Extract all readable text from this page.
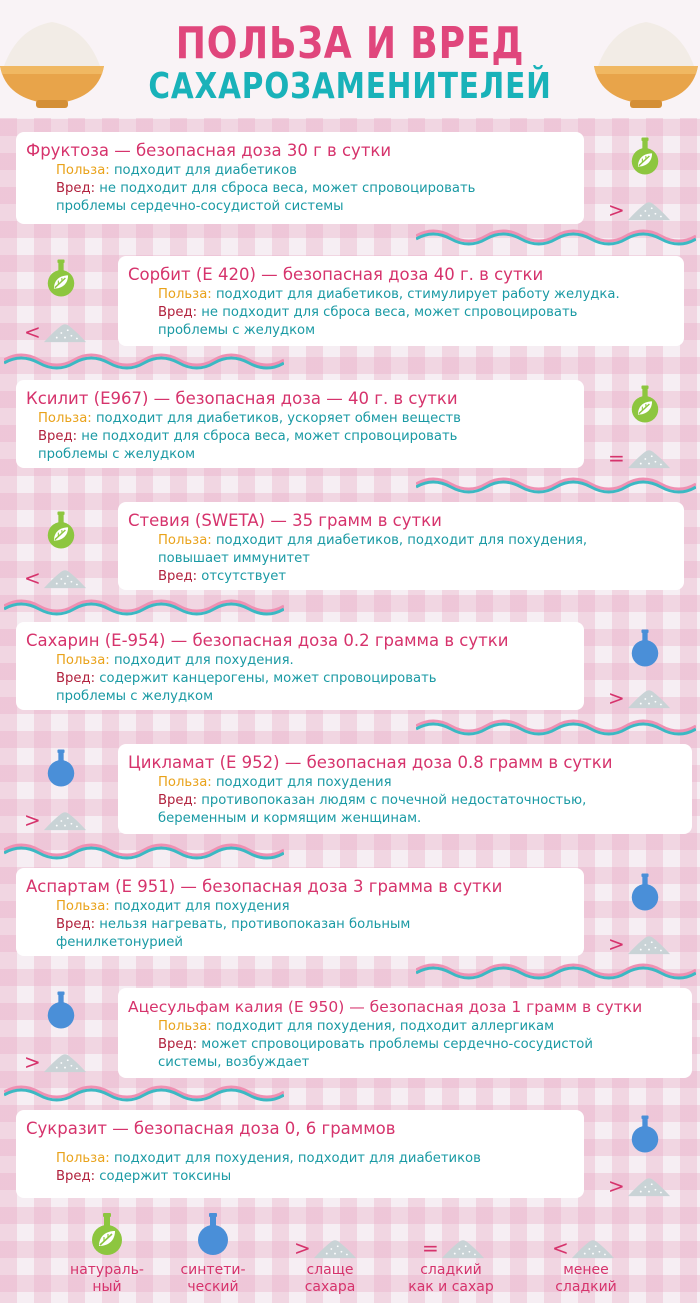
ПОЛЬЗА И ВРЕД
САХАРОЗАМЕНИТЕЛЕЙ
Фруктоза — безопасная доза 30 г в сутки
Польза: подходит для диабетиков
Вред: не подходит для сброса веса, может спровоцировать
проблемы сердечно-сосудистой системы	>
Сорбит (Е 420) — безопасная доза 40 г. в сутки
Польза: подходит для диабетиков, стимулирует работу желудка.
Вред: не подходит для сброса веса, может спровоцировать
проблемы с желудком
<
Ксилит (Е967) — безопасная доза — 40 г. в сутки
Польза: подходит для диабетиков, ускоряет обмен веществ
Вред: не подходит для сброса веса, может спровоцировать
проблемы с желудком	=
Стевия (SWETA) — 35 грамм в сутки
Польза: подходит для диабетиков, подходит для похудения,
повышает иммунитет
Вред: отсутствует
<
Сахарин (Е-954) — безопасная доза 0.2 грамма в сутки
Польза: подходит для похудения.
Вред: содержит канцерогены, может спровоцировать
проблемы с желудком	>
Цикламат (Е 952) — безопасная доза 0.8 грамм в сутки
Польза: подходит для похудения
Вред: противопоказан людям с почечной недостаточностью,
беременным и кормящим женщинам.
>
Аспартам (Е 951) — безопасная доза 3 грамма в сутки
Польза: подходит для похудения
Вред: нельзя нагревать, противопоказан больным
фенилкетонурией	>
Ацесульфам калия (Е 950) — безопасная доза 1 грамм в сутки
Польза: подходит для похудения, подходит аллергикам
Вред: может спровоцировать проблемы сердечно-сосудистой
системы, возбуждает
>
Сукразит — безопасная доза 0, 6 граммов
Польза: подходит для похудения, подходит для диабетиков
Вред: содержит токсины	>
натураль-
ный
синтети-
ческий
>
слаще
сахара
=
сладкий
как и сахар
<
менее
сладкий
